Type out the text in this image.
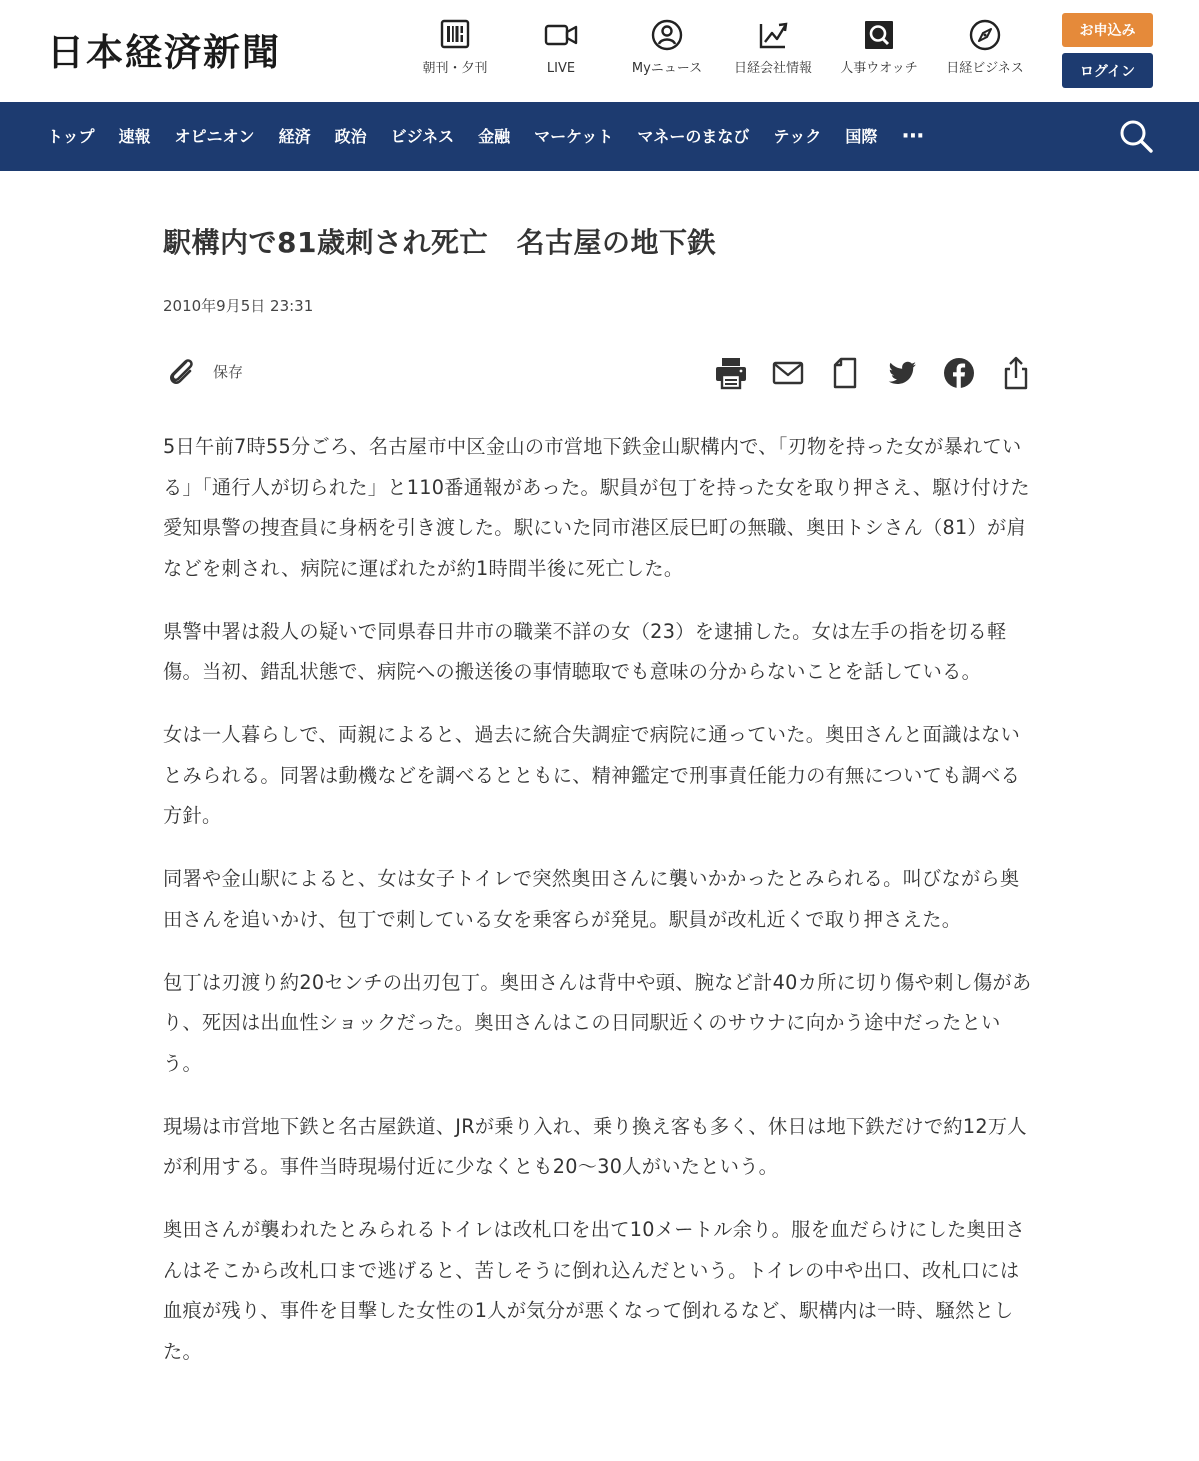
日本経済新聞	朝刊・夕刊	LIVE	Myニュース 日経会社情報 人事ウオッチ 日経ビジネス
お申込み
ログイン
トップ	速報	オピニオン	経済	政治	ビジネス	金融	マーケット	マネーのまなび	テック	国際	···
駅構内で81歳刺され死亡　名古屋の地下鉄
2010年9月5日 23:31
保存

5日午前7時55分ごろ、名古屋市中区金山の市営地下鉄金山駅構内で、「刃物を持った女が暴れている」「通行人が切られた」と110番通報があった。駅員が包丁を持った女を取り押さえ、駆け付けた愛知県警の捜査員に身柄を引き渡した。駅にいた同市港区辰巳町の無職、奥田トシさん（81）が肩などを刺され、病院に運ばれたが約1時間半後に死亡した。

県警中署は殺人の疑いで同県春日井市の職業不詳の女（23）を逮捕した。女は左手の指を切る軽傷。当初、錯乱状態で、病院への搬送後の事情聴取でも意味の分からないことを話している。

女は一人暮らしで、両親によると、過去に統合失調症で病院に通っていた。奥田さんと面識はないとみられる。同署は動機などを調べるとともに、精神鑑定で刑事責任能力の有無についても調べる方針。

同署や金山駅によると、女は女子トイレで突然奥田さんに襲いかかったとみられる。叫びながら奥田さんを追いかけ、包丁で刺している女を乗客らが発見。駅員が改札近くで取り押さえた。

包丁は刃渡り約20センチの出刃包丁。奥田さんは背中や頭、腕など計40カ所に切り傷や刺し傷があり、死因は出血性ショックだった。奥田さんはこの日同駅近くのサウナに向かう途中だったという。

現場は市営地下鉄と名古屋鉄道、JRが乗り入れ、乗り換え客も多く、休日は地下鉄だけで約12万人が利用する。事件当時現場付近に少なくとも20～30人がいたという。

奥田さんが襲われたとみられるトイレは改札口を出て10メートル余り。服を血だらけにした奥田さんはそこから改札口まで逃げると、苦しそうに倒れ込んだという。トイレの中や出口、改札口には血痕が残り、事件を目撃した女性の1人が気分が悪くなって倒れるなど、駅構内は一時、騒然とした。
